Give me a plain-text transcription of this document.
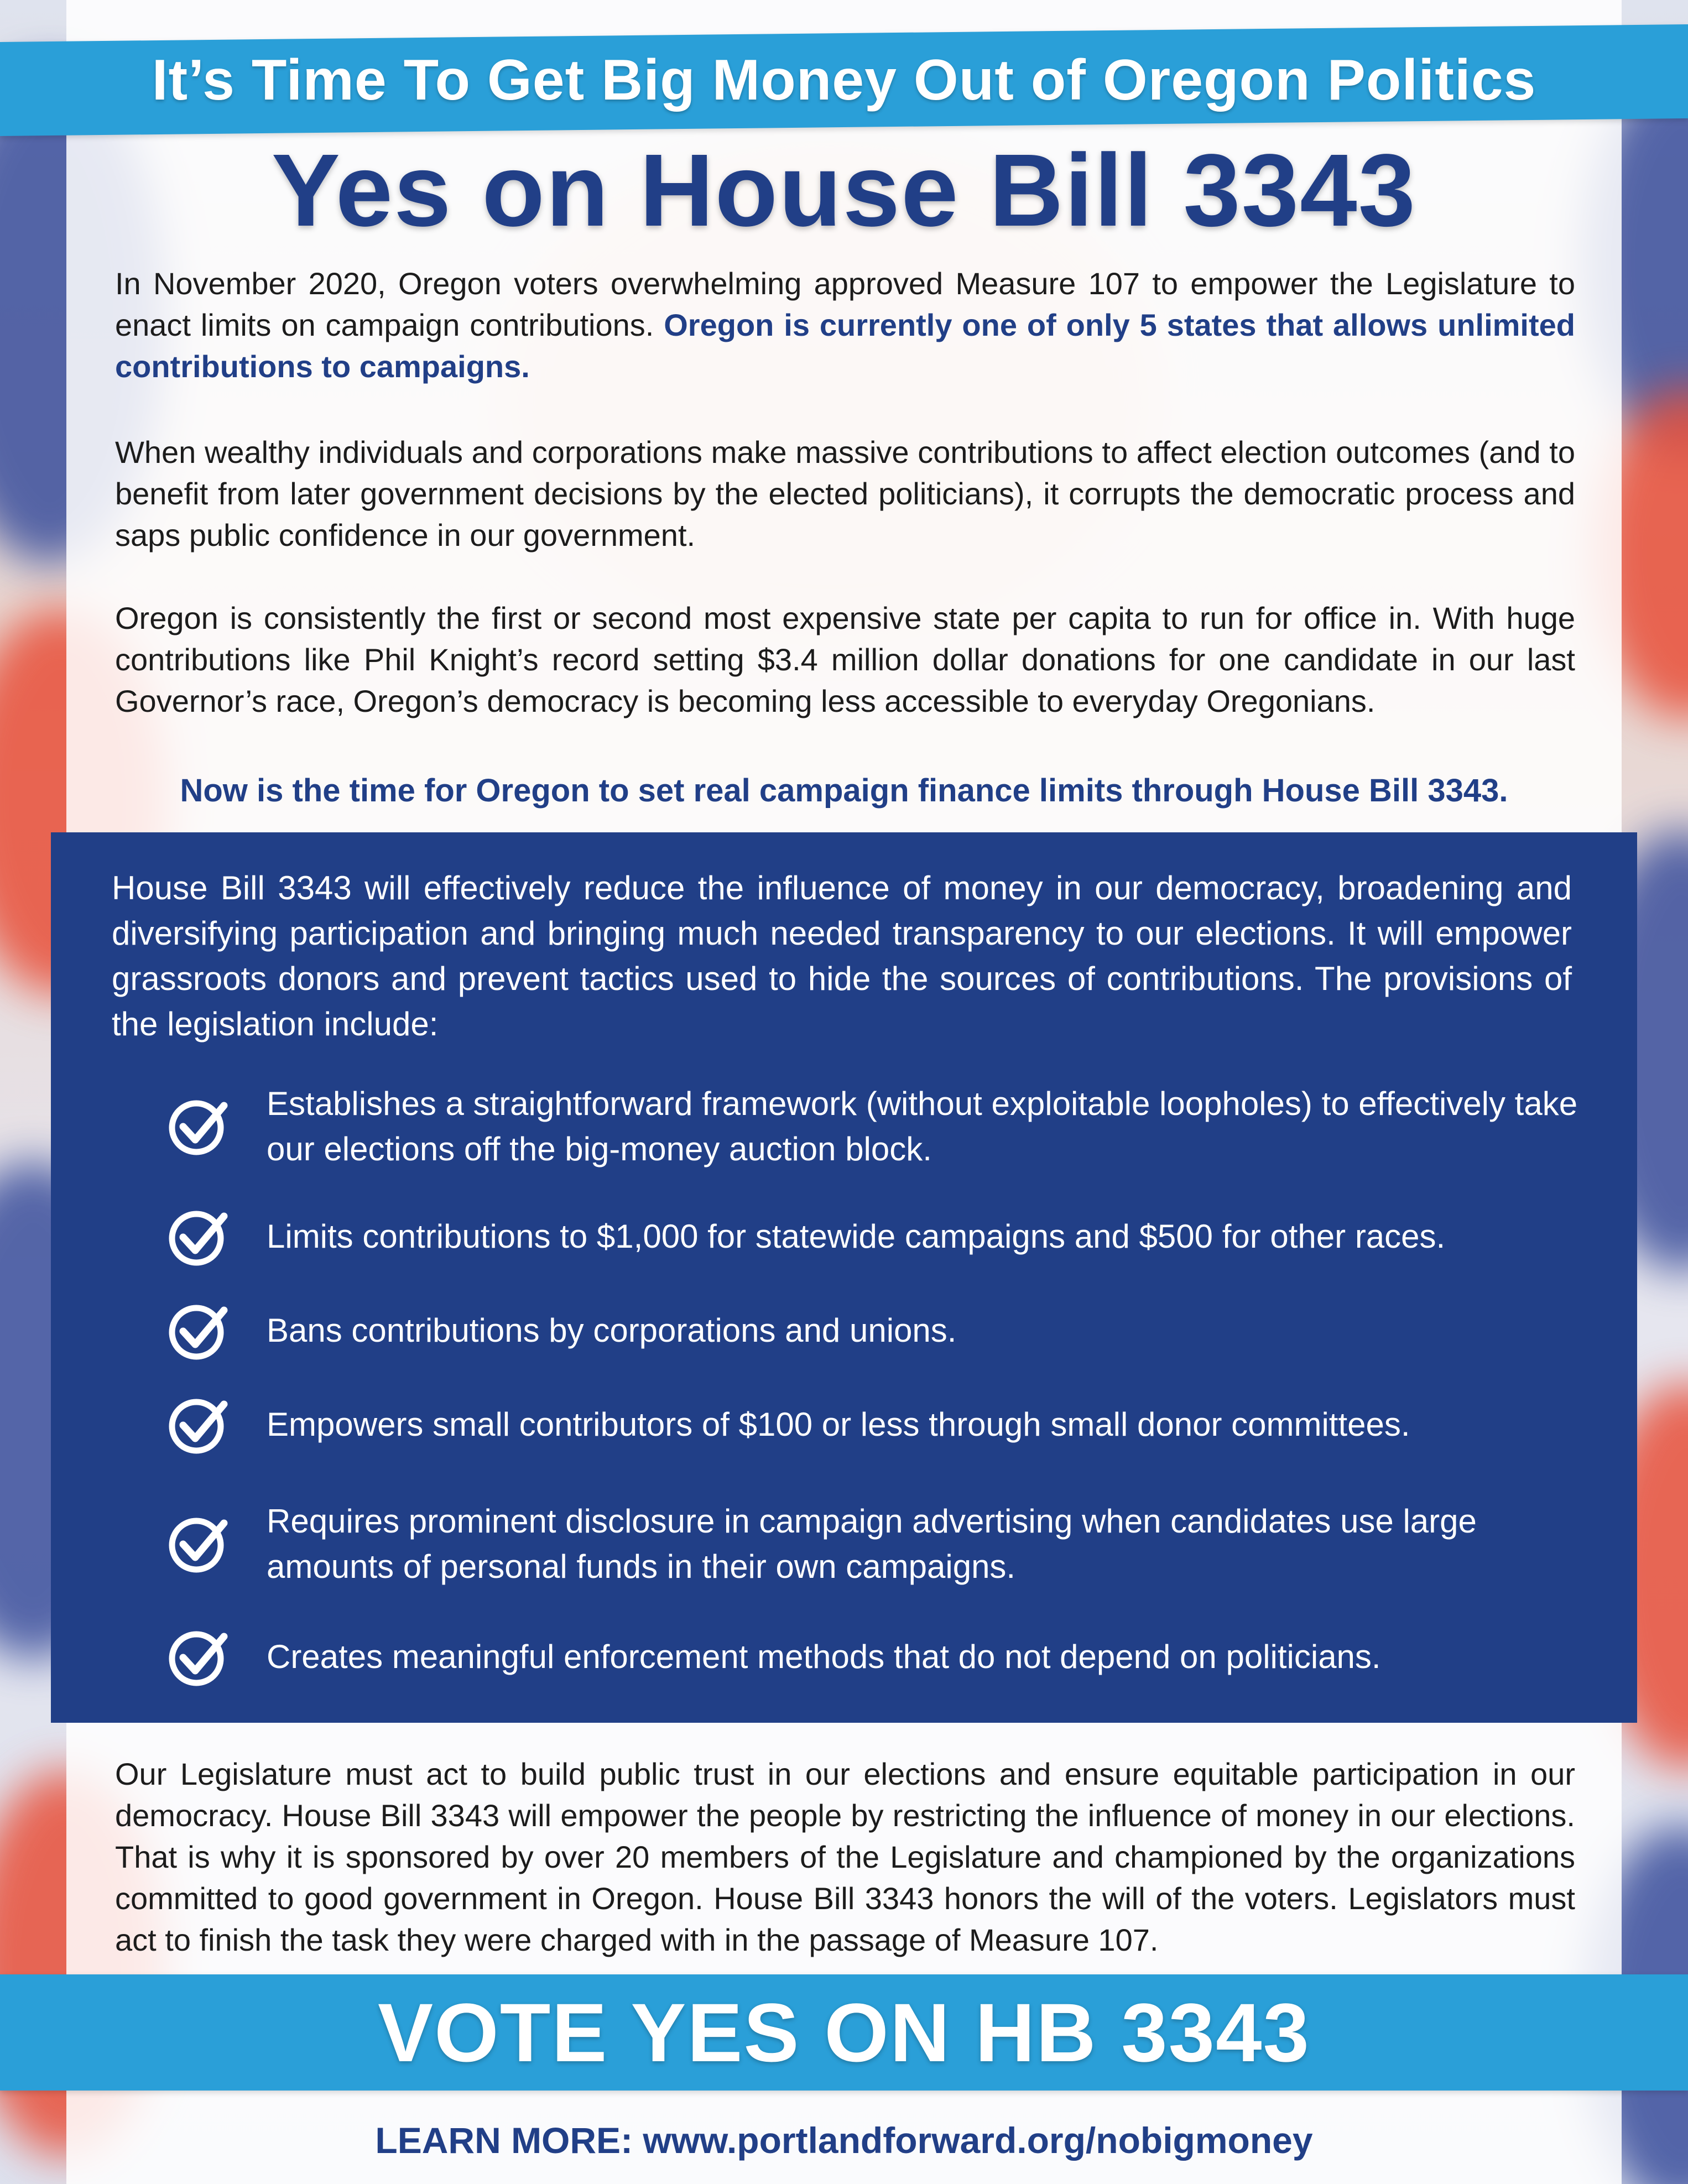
It’s Time To Get Big Money Out of Oregon Politics
Yes on House Bill 3343
In November 2020, Oregon voters overwhelming approved Measure 107 to empower the Legislature to enact limits on campaign contributions. Oregon is currently one of only 5 states that allows unlimited contributions to campaigns.
When wealthy individuals and corporations make massive contributions to affect election outcomes (and to benefit from later government decisions by the elected politicians), it corrupts the democratic process and saps public confidence in our government.
Oregon is consistently the first or second most expensive state per capita to run for office in. With huge contributions like Phil Knight’s record setting $3.4 million dollar donations for one candidate in our last Governor’s race, Oregon’s democracy is becoming less accessible to everyday Oregonians.
Now is the time for Oregon to set real campaign finance limits through House Bill 3343.
House Bill 3343 will effectively reduce the influence of money in our democracy, broadening and diversifying participation and bringing much needed transparency to our elections. It will empower grassroots donors and prevent tactics used to hide the sources of contributions. The provisions of the legislation include:
Establishes a straightforward framework (without exploitable loopholes) to effectively take our elections off the big-money auction block.
Limits contributions to $1,000 for statewide campaigns and $500 for other races.
Bans contributions by corporations and unions.
Empowers small contributors of $100 or less through small donor committees.
Requires prominent disclosure in campaign advertising when candidates use large amounts of personal funds in their own campaigns.
Creates meaningful enforcement methods that do not depend on politicians.
Our Legislature must act to build public trust in our elections and ensure equitable participation in our democracy. House Bill 3343 will empower the people by restricting the influence of money in our elections. That is why it is sponsored by over 20 members of the Legislature and championed by the organizations committed to good government in Oregon. House Bill 3343 honors the will of the voters. Legislators must act to finish the task they were charged with in the passage of Measure 107.
VOTE YES ON HB 3343
LEARN MORE: www.portlandforward.org/nobigmoney
